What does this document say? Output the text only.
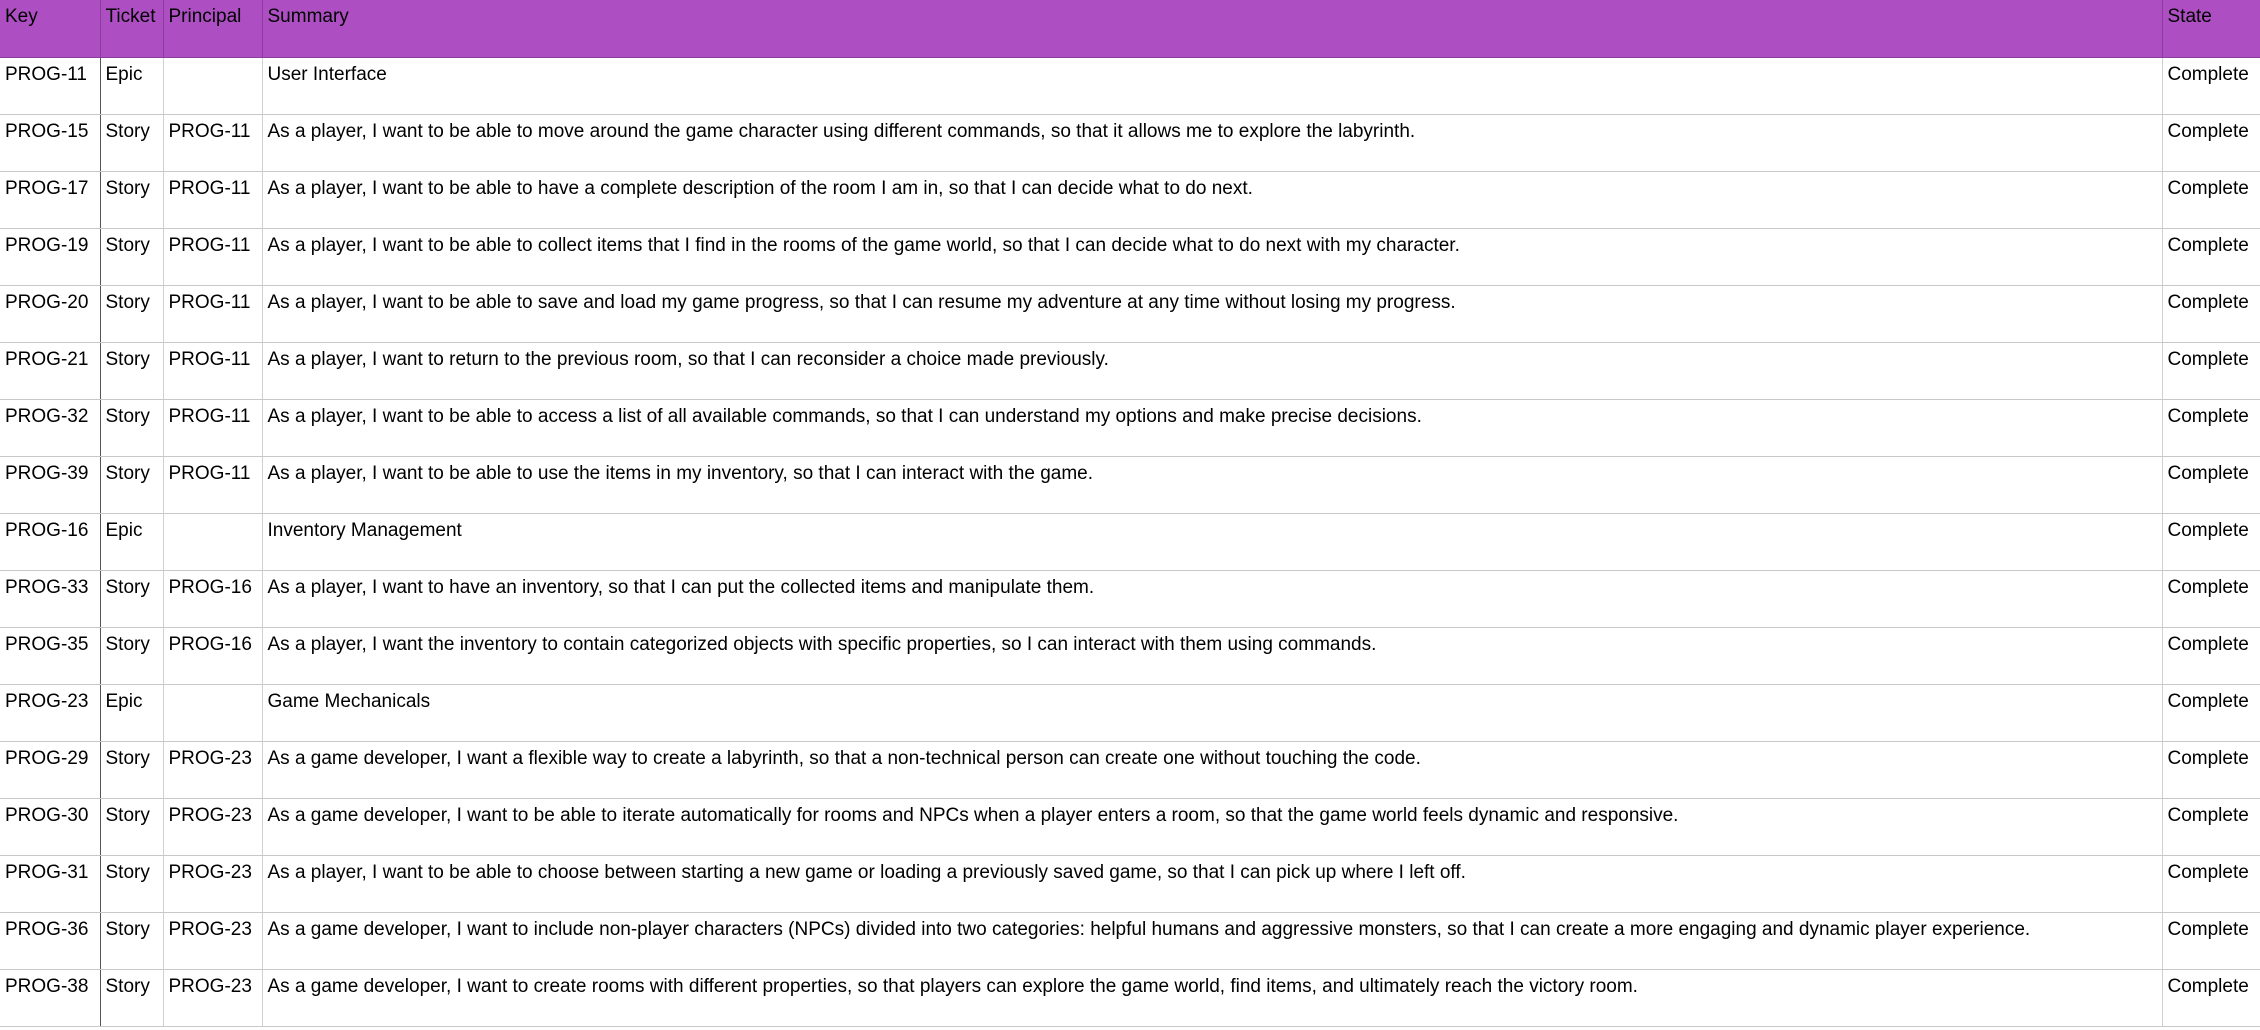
Key	Ticket	Principal	Summary	State
PROG-11	Epic		User Interface	Complete
PROG-15	Story	PROG-11	As a player, I want to be able to move around the game character using different commands, so that it allows me to explore the labyrinth.	Complete
PROG-17	Story	PROG-11	As a player, I want to be able to have a complete description of the room I am in, so that I can decide what to do next.	Complete
PROG-19	Story	PROG-11	As a player, I want to be able to collect items that I find in the rooms of the game world, so that I can decide what to do next with my character.	Complete
PROG-20	Story	PROG-11	As a player, I want to be able to save and load my game progress, so that I can resume my adventure at any time without losing my progress.	Complete
PROG-21	Story	PROG-11	As a player, I want to return to the previous room, so that I can reconsider a choice made previously.	Complete
PROG-32	Story	PROG-11	As a player, I want to be able to access a list of all available commands, so that I can understand my options and make precise decisions.	Complete
PROG-39	Story	PROG-11	As a player, I want to be able to use the items in my inventory, so that I can interact with the game.	Complete
PROG-16	Epic		Inventory Management	Complete
PROG-33	Story	PROG-16	As a player, I want to have an inventory, so that I can put the collected items and manipulate them.	Complete
PROG-35	Story	PROG-16	As a player, I want the inventory to contain categorized objects with specific properties, so I can interact with them using commands.	Complete
PROG-23	Epic		Game Mechanicals	Complete
PROG-29	Story	PROG-23	As a game developer, I want a flexible way to create a labyrinth, so that a non-technical person can create one without touching the code.	Complete
PROG-30	Story	PROG-23	As a game developer, I want to be able to iterate automatically for rooms and NPCs when a player enters a room, so that the game world feels dynamic and responsive.	Complete
PROG-31	Story	PROG-23	As a player, I want to be able to choose between starting a new game or loading a previously saved game, so that I can pick up where I left off.	Complete
PROG-36	Story	PROG-23	As a game developer, I want to include non-player characters (NPCs) divided into two categories: helpful humans and aggressive monsters, so that I can create a more engaging and dynamic player experience.	Complete
PROG-38	Story	PROG-23	As a game developer, I want to create rooms with different properties, so that players can explore the game world, find items, and ultimately reach the victory room.	Complete
